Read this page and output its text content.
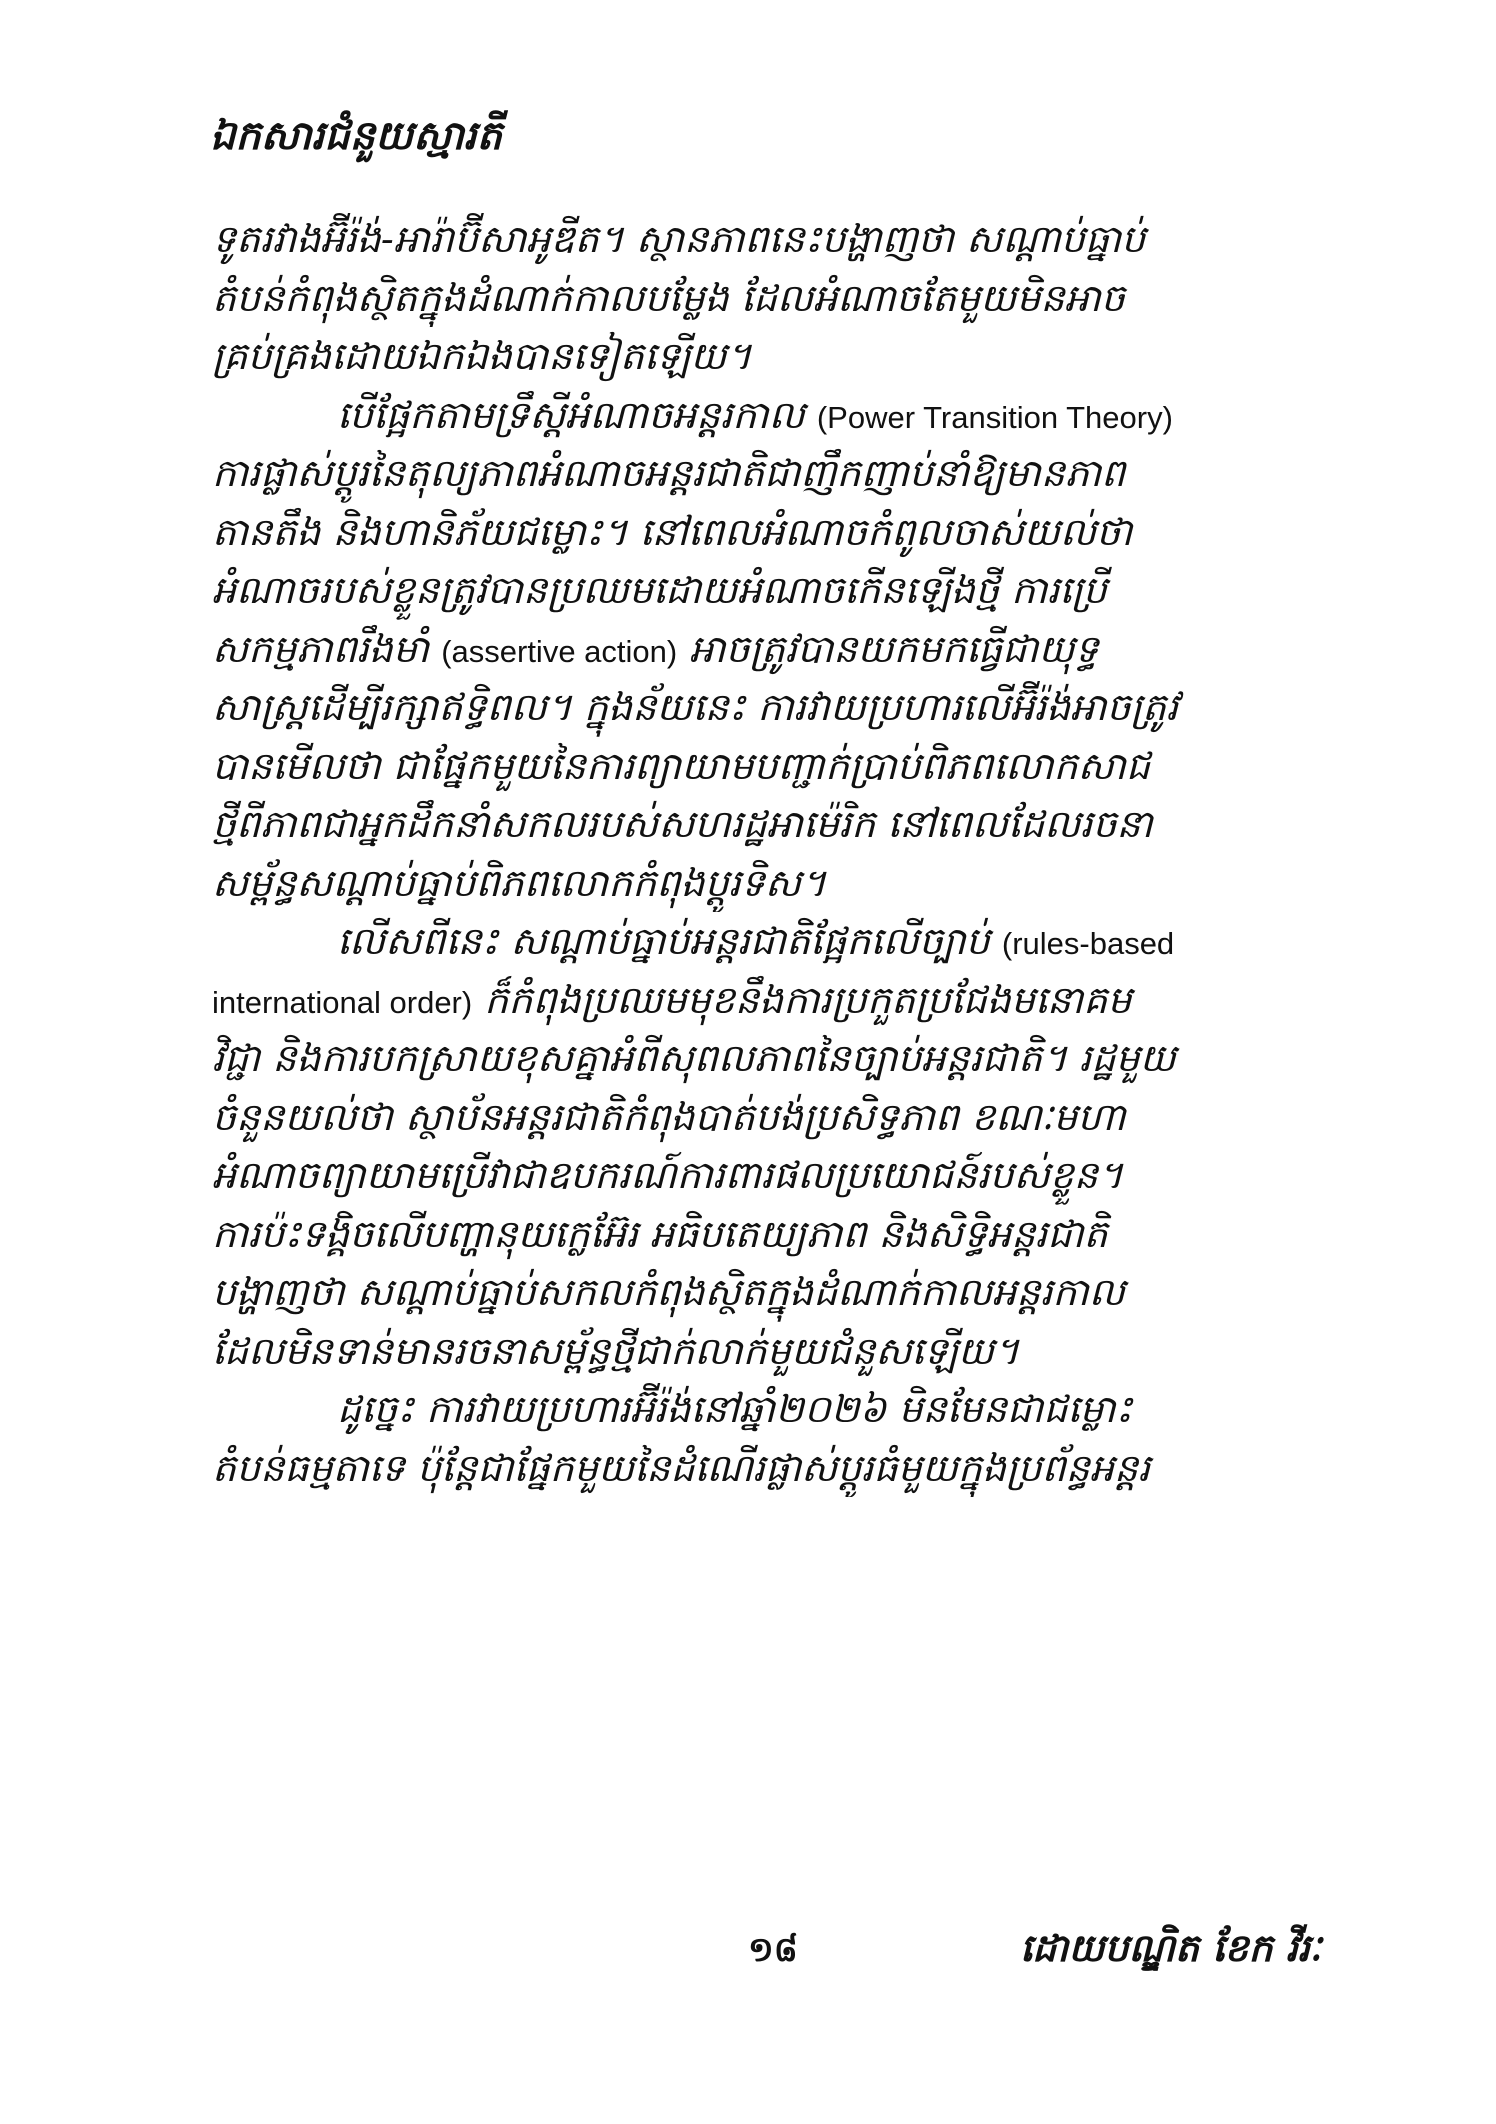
ឯកសារជំនួយស្មារតី
ទូតរវាងអ៊ីរ៉ង់-អារ៉ាប៊ីសាអូឌីត។ ស្ថានភាពនេះបង្ហាញថា សណ្តាប់ធ្នាប់
តំបន់កំពុងស្ថិតក្នុងដំណាក់កាលបម្លែង ដែលអំណាចតែមួយមិនអាច
គ្រប់គ្រងដោយឯកឯងបានទៀតឡើយ។
បើផ្អែកតាមទ្រឹស្តីអំណាចអន្តរកាល (Power Transition Theory)
ការផ្លាស់ប្តូរនៃតុល្យភាពអំណាចអន្តរជាតិជាញឹកញាប់នាំឱ្យមានភាព
តានតឹង និងហានិភ័យជម្លោះ។ នៅពេលអំណាចកំពូលចាស់យល់ថា
អំណាចរបស់ខ្លួនត្រូវបានប្រឈមដោយអំណាចកើនឡើងថ្មី ការប្រើ
សកម្មភាពរឹងមាំ (assertive action) អាចត្រូវបានយកមកធ្វើជាយុទ្ធ
សាស្ត្រដើម្បីរក្សាឥទ្ធិពល។ ក្នុងន័យនេះ ការវាយប្រហារលើអ៊ីរ៉ង់អាចត្រូវ
បានមើលថា ជាផ្នែកមួយនៃការព្យាយាមបញ្ជាក់ប្រាប់ពិភពលោកសាជ
ថ្មីពីភាពជាអ្នកដឹកនាំសកលរបស់សហរដ្ឋអាម៉េរិក នៅពេលដែលរចនា
សម្ព័ន្ធសណ្តាប់ធ្នាប់ពិភពលោកកំពុងប្តូរទិស។
លើសពីនេះ សណ្តាប់ធ្នាប់អន្តរជាតិផ្អែកលើច្បាប់ (rules-based
international order) ក៏កំពុងប្រឈមមុខនឹងការប្រកួតប្រជែងមនោគម
វិជ្ជា និងការបកស្រាយខុសគ្នាអំពីសុពលភាពនៃច្បាប់អន្តរជាតិ។ រដ្ឋមួយ
ចំនួនយល់ថា ស្ថាប័នអន្តរជាតិកំពុងបាត់បង់ប្រសិទ្ធភាព ខណៈមហា
អំណាចព្យាយាមប្រើវាជាឧបករណ៍ការពារផលប្រយោជន៍របស់ខ្លួន។
ការប៉ះទង្គិចលើបញ្ហានុយក្លេអ៊ែរ អធិបតេយ្យភាព និងសិទ្ធិអន្តរជាតិ
បង្ហាញថា សណ្តាប់ធ្នាប់សកលកំពុងស្ថិតក្នុងដំណាក់កាលអន្តរកាល
ដែលមិនទាន់មានរចនាសម្ព័ន្ធថ្មីជាក់លាក់មួយជំនួសឡើយ។
ដូច្នេះ ការវាយប្រហារអ៊ីរ៉ង់នៅឆ្នាំ២០២៦ មិនមែនជាជម្លោះ
តំបន់ធម្មតាទេ ប៉ុន្តែជាផ្នែកមួយនៃដំណើរផ្លាស់ប្តូរធំមួយក្នុងប្រព័ន្ធអន្តរ
១៨	ដោយបណ្ឌិត ខែក វីរៈ
